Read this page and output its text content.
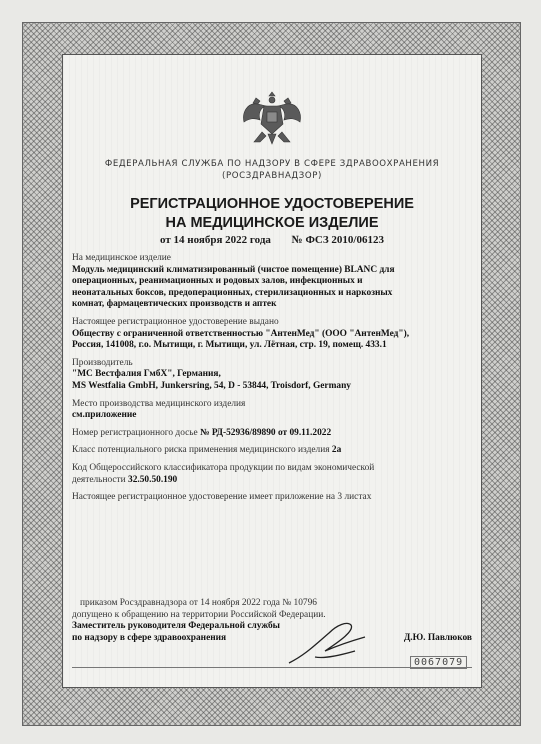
ФЕДЕРАЛЬНАЯ СЛУЖБА ПО НАДЗОРУ В СФЕРЕ ЗДРАВООХРАНЕНИЯ
(РОСЗДРАВНАДЗОР)
РЕГИСТРАЦИОННОЕ УДОСТОВЕРЕНИЕ
НА МЕДИЦИНСКОЕ ИЗДЕЛИЕ
от 14 ноября 2022 года № ФСЗ 2010/06123
На медицинское изделие
Модуль медицинский климатизированный (чистое помещение) BLANC для
операционных, реанимационных и родовых залов, инфекционных и
неонатальных боксов, предоперационных, стерилизационных и наркозных
комнат, фармацевтических производств и аптек
Настоящее регистрационное удостоверение выдано
Обществу с ограниченной ответственностью "АнтенМед" (ООО "АнтенМед"),
Россия, 141008, г.о. Мытищи, г. Мытищи, ул. Лётная, стр. 19, помещ. 433.1
Производитель
"МС Вестфалия ГмбХ", Германия,
MS Westfalia GmbH, Junkersring, 54, D - 53844, Troisdorf, Germany
Место производства медицинского изделия
см.приложение
Номер регистрационного досье № РД-52936/89890 от 09.11.2022
Класс потенциального риска применения медицинского изделия 2а
Код Общероссийского классификатора продукции по видам экономической
деятельности 32.50.50.190
Настоящее регистрационное удостоверение имеет приложение на 3 листах
приказом Росздравнадзора от 14 ноября 2022 года № 10796
допущено к обращению на территории Российской Федерации.
Заместитель руководителя Федеральной службы
по надзору в сфере здравоохранения	Д.Ю. Павлюков
0067079
